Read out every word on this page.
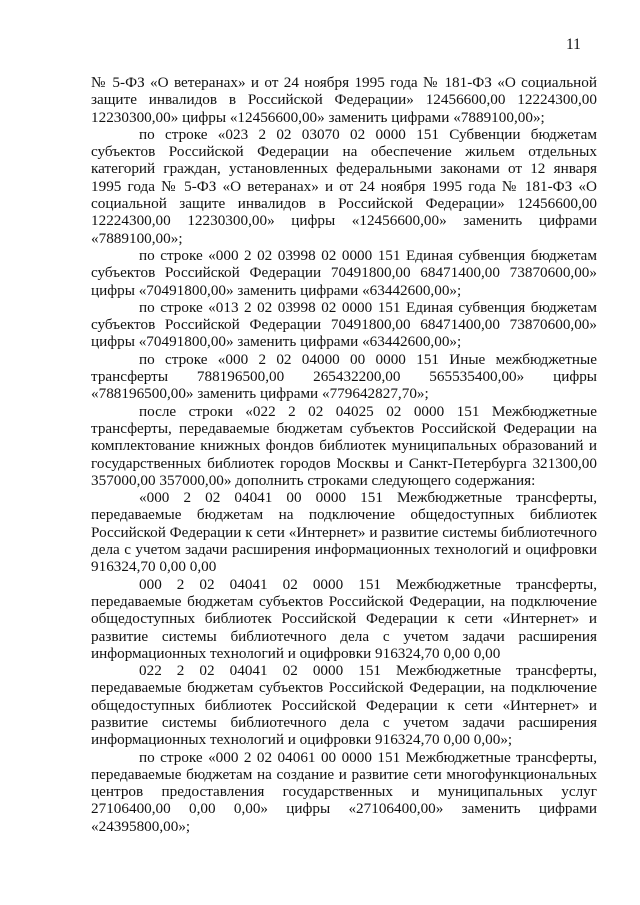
11

№ 5-ФЗ «О ветеранах» и от 24 ноября 1995 года № 181-ФЗ «О социальной защите инвалидов в Российской Федерации» 12456600,00 12224300,00 12230300,00» цифры «12456600,00» заменить цифрами «7889100,00»;

по строке «023 2 02 03070 02 0000 151 Субвенции бюджетам субъектов Российской Федерации на обеспечение жильем отдельных категорий граждан, установленных федеральными законами от 12 января 1995 года № 5-ФЗ «О ветеранах» и от 24 ноября 1995 года № 181-ФЗ «О социальной защите инвалидов в Российской Федерации» 12456600,00 12224300,00 12230300,00» цифры «12456600,00» заменить цифрами «7889100,00»;

по строке «000 2 02 03998 02 0000 151 Единая субвенция бюджетам субъектов Российской Федерации 70491800,00 68471400,00 73870600,00» цифры «70491800,00» заменить цифрами «63442600,00»;

по строке «013 2 02 03998 02 0000 151 Единая субвенция бюджетам субъектов Российской Федерации 70491800,00 68471400,00 73870600,00» цифры «70491800,00» заменить цифрами «63442600,00»;

по строке «000 2 02 04000 00 0000 151 Иные межбюджетные трансферты 788196500,00 265432200,00 565535400,00» цифры «788196500,00» заменить цифрами «779642827,70»;

после строки «022 2 02 04025 02 0000 151 Межбюджетные трансферты, передаваемые бюджетам субъектов Российской Федерации на комплектование книжных фондов библиотек муниципальных образований и государственных библиотек городов Москвы и Санкт-Петербурга 321300,00 357000,00 357000,00» дополнить строками следующего содержания:

«000 2 02 04041 00 0000 151 Межбюджетные трансферты, передаваемые бюджетам на подключение общедоступных библиотек Российской Федерации к сети «Интернет» и развитие системы библиотечного дела с учетом задачи расширения информационных технологий и оцифровки 916324,70 0,00 0,00

000 2 02 04041 02 0000 151 Межбюджетные трансферты, передаваемые бюджетам субъектов Российской Федерации, на подключение общедоступных библиотек Российской Федерации к сети «Интернет» и развитие системы библиотечного дела с учетом задачи расширения информационных технологий и оцифровки 916324,70 0,00 0,00

022 2 02 04041 02 0000 151 Межбюджетные трансферты, передаваемые бюджетам субъектов Российской Федерации, на подключение общедоступных библиотек Российской Федерации к сети «Интернет» и развитие системы библиотечного дела с учетом задачи расширения информационных технологий и оцифровки 916324,70 0,00 0,00»;

по строке «000 2 02 04061 00 0000 151 Межбюджетные трансферты, передаваемые бюджетам на создание и развитие сети многофункциональных центров предоставления государственных и муниципальных услуг 27106400,00 0,00 0,00» цифры «27106400,00» заменить цифрами «24395800,00»;
